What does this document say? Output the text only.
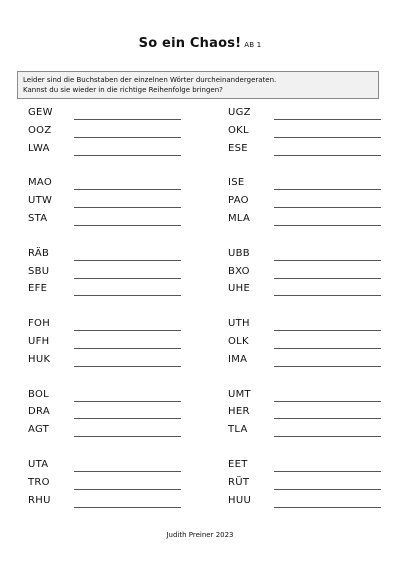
So ein Chaos! AB 1
Leider sind die Buchstaben der einzelnen Wörter durcheinandergeraten.
Kannst du sie wieder in die richtige Reihenfolge bringen?
GEW
OOZ
LWA
MAO
UTW
STA
RÄB
SBU
EFE
FOH
UFH
HUK
BOL
DRA
AGT
UTA
TRO
RHU
UGZ
OKL
ESE
ISE
PAO
MLA
UBB
BXO
UHE
UTH
OLK
IMA
UMT
HER
TLA
EET
RÜT
HUU
Judith Preiner 2023
